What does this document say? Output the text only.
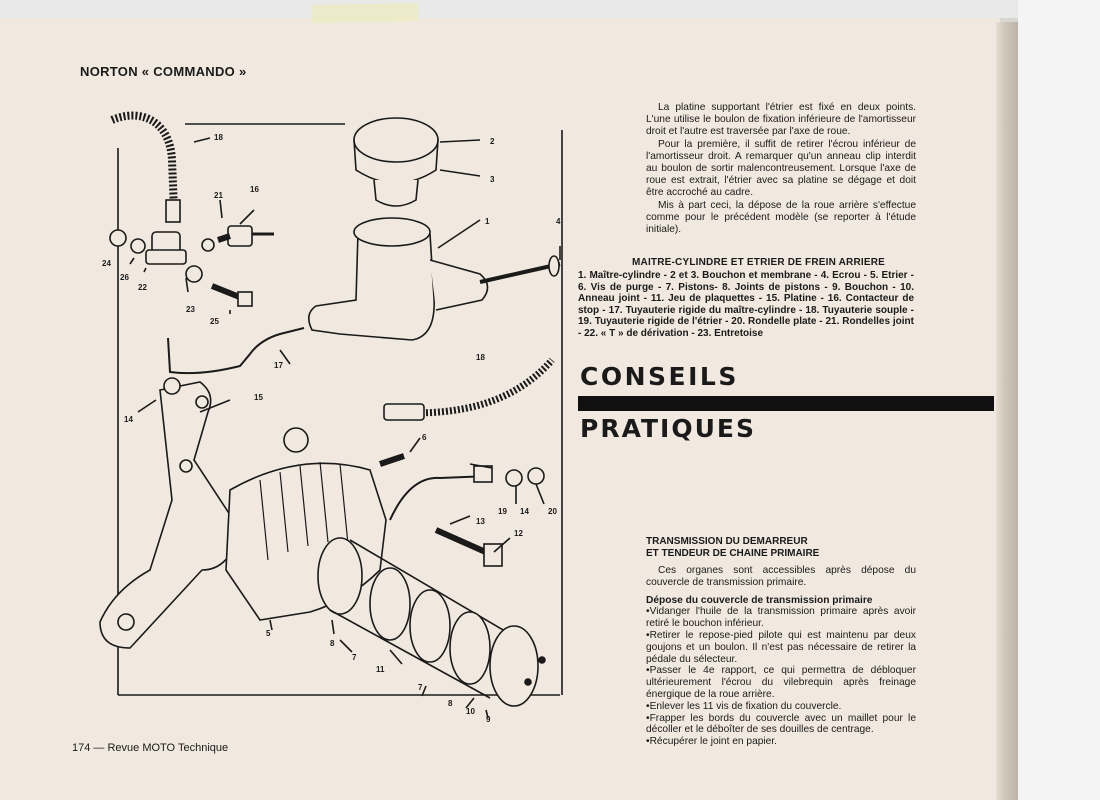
NORTON « COMMANDO »
18	2
3
1	4
16
21
24
26
22
23
25
17
18
15
14
6
19 14 20
13
12
5
8
7
11
7
8
10
9

La platine supportant l'étrier est fixé en deux points. L'une utilise le boulon de fixation inférieure de l'amortisseur droit et l'autre est traversée par l'axe de roue.

Pour la première, il suffit de retirer l'écrou inférieur de l'amortisseur droit. A remarquer qu'un anneau clip interdit au boulon de sortir malencontreusement. Lorsque l'axe de roue est extrait, l'étrier avec sa platine se dégage et doit être accroché au cadre.

Mis à part ceci, la dépose de la roue arrière s'effectue comme pour le précédent modèle (se reporter à l'étude initiale).

MAITRE-CYLINDRE ET ETRIER DE FREIN ARRIERE
1. Maître-cylindre - 2 et 3. Bouchon et membrane - 4. Ecrou - 5. Etrier - 6. Vis de purge - 7. Pistons- 8. Joints de pistons - 9. Bouchon - 10. Anneau joint - 11. Jeu de plaquettes - 15. Platine - 16. Contacteur de stop - 17. Tuyauterie rigide du maître-cylindre - 18. Tuyauterie souple - 19. Tuyauterie rigide de l'étrier - 20. Rondelle plate - 21. Rondelles joint - 22. « T » de dérivation - 23. Entretoise
CONSEILS
PRATIQUES
TRANSMISSION DU DEMARREUR
ET TENDEUR DE CHAINE PRIMAIRE

Ces organes sont accessibles après dépose du couvercle de transmission primaire.

Dépose du couvercle de transmission primaire

• Vidanger l'huile de la transmission primaire après avoir retiré le bouchon inférieur.

• Retirer le repose-pied pilote qui est maintenu par deux goujons et un boulon. Il n'est pas nécessaire de retirer la pédale du sélecteur.

• Passer le 4e rapport, ce qui permettra de débloquer ultérieurement l'écrou du vilebrequin après freinage énergique de la roue arrière.

• Enlever les 11 vis de fixation du couvercle.

• Frapper les bords du couvercle avec un maillet pour le décoller et le déboîter de ses douilles de centrage.

• Récupérer le joint en papier.

174 — Revue MOTO Technique
